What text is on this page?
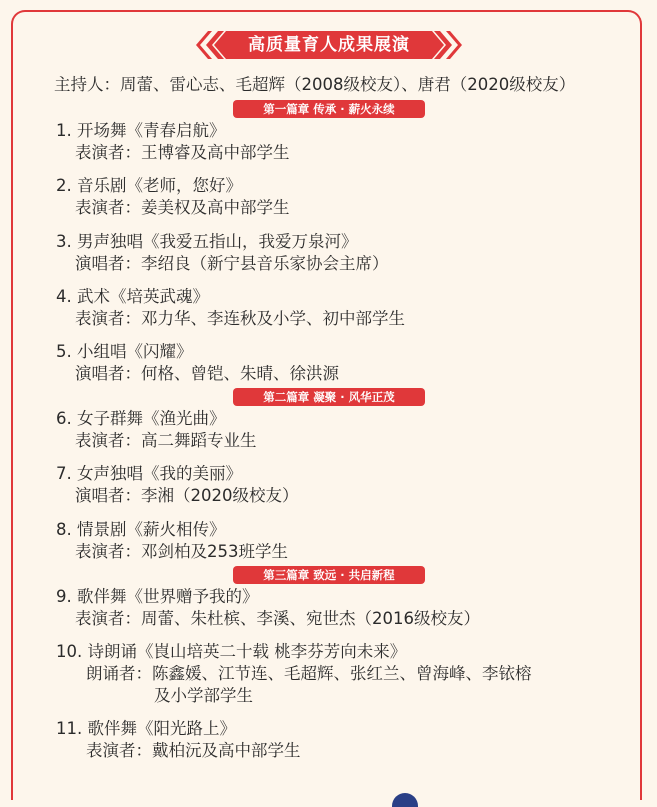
高质量育人成果展演
主持人：周蕾、雷心志、毛超辉（2008级校友）、唐君（2020级校友）
第一篇章 传承 · 薪火永续
1. 开场舞《青春启航》
表演者：王博睿及高中部学生
2. 音乐剧《老师，您好》
表演者：姜美权及高中部学生
3. 男声独唱《我爱五指山，我爱万泉河》
演唱者：李绍良（新宁县音乐家协会主席）
4. 武术《培英武魂》
表演者：邓力华、李连秋及小学、初中部学生
5. 小组唱《闪耀》
演唱者：何格、曾铠、朱晴、徐洪源
第二篇章 凝聚 · 风华正茂
6. 女子群舞《渔光曲》
表演者：高二舞蹈专业生
7. 女声独唱《我的美丽》
演唱者：李湘（2020级校友）
8. 情景剧《薪火相传》
表演者：邓剑柏及253班学生
第三篇章 致远 · 共启新程
9. 歌伴舞《世界赠予我的》
表演者：周蕾、朱杜槟、李溪、宛世杰（2016级校友）
10. 诗朗诵《崀山培英二十载 桃李芬芳向未来》
朗诵者：陈鑫媛、江节连、毛超辉、张红兰、曾海峰、李铱榕
及小学部学生
11. 歌伴舞《阳光路上》
表演者：戴柏沅及高中部学生
